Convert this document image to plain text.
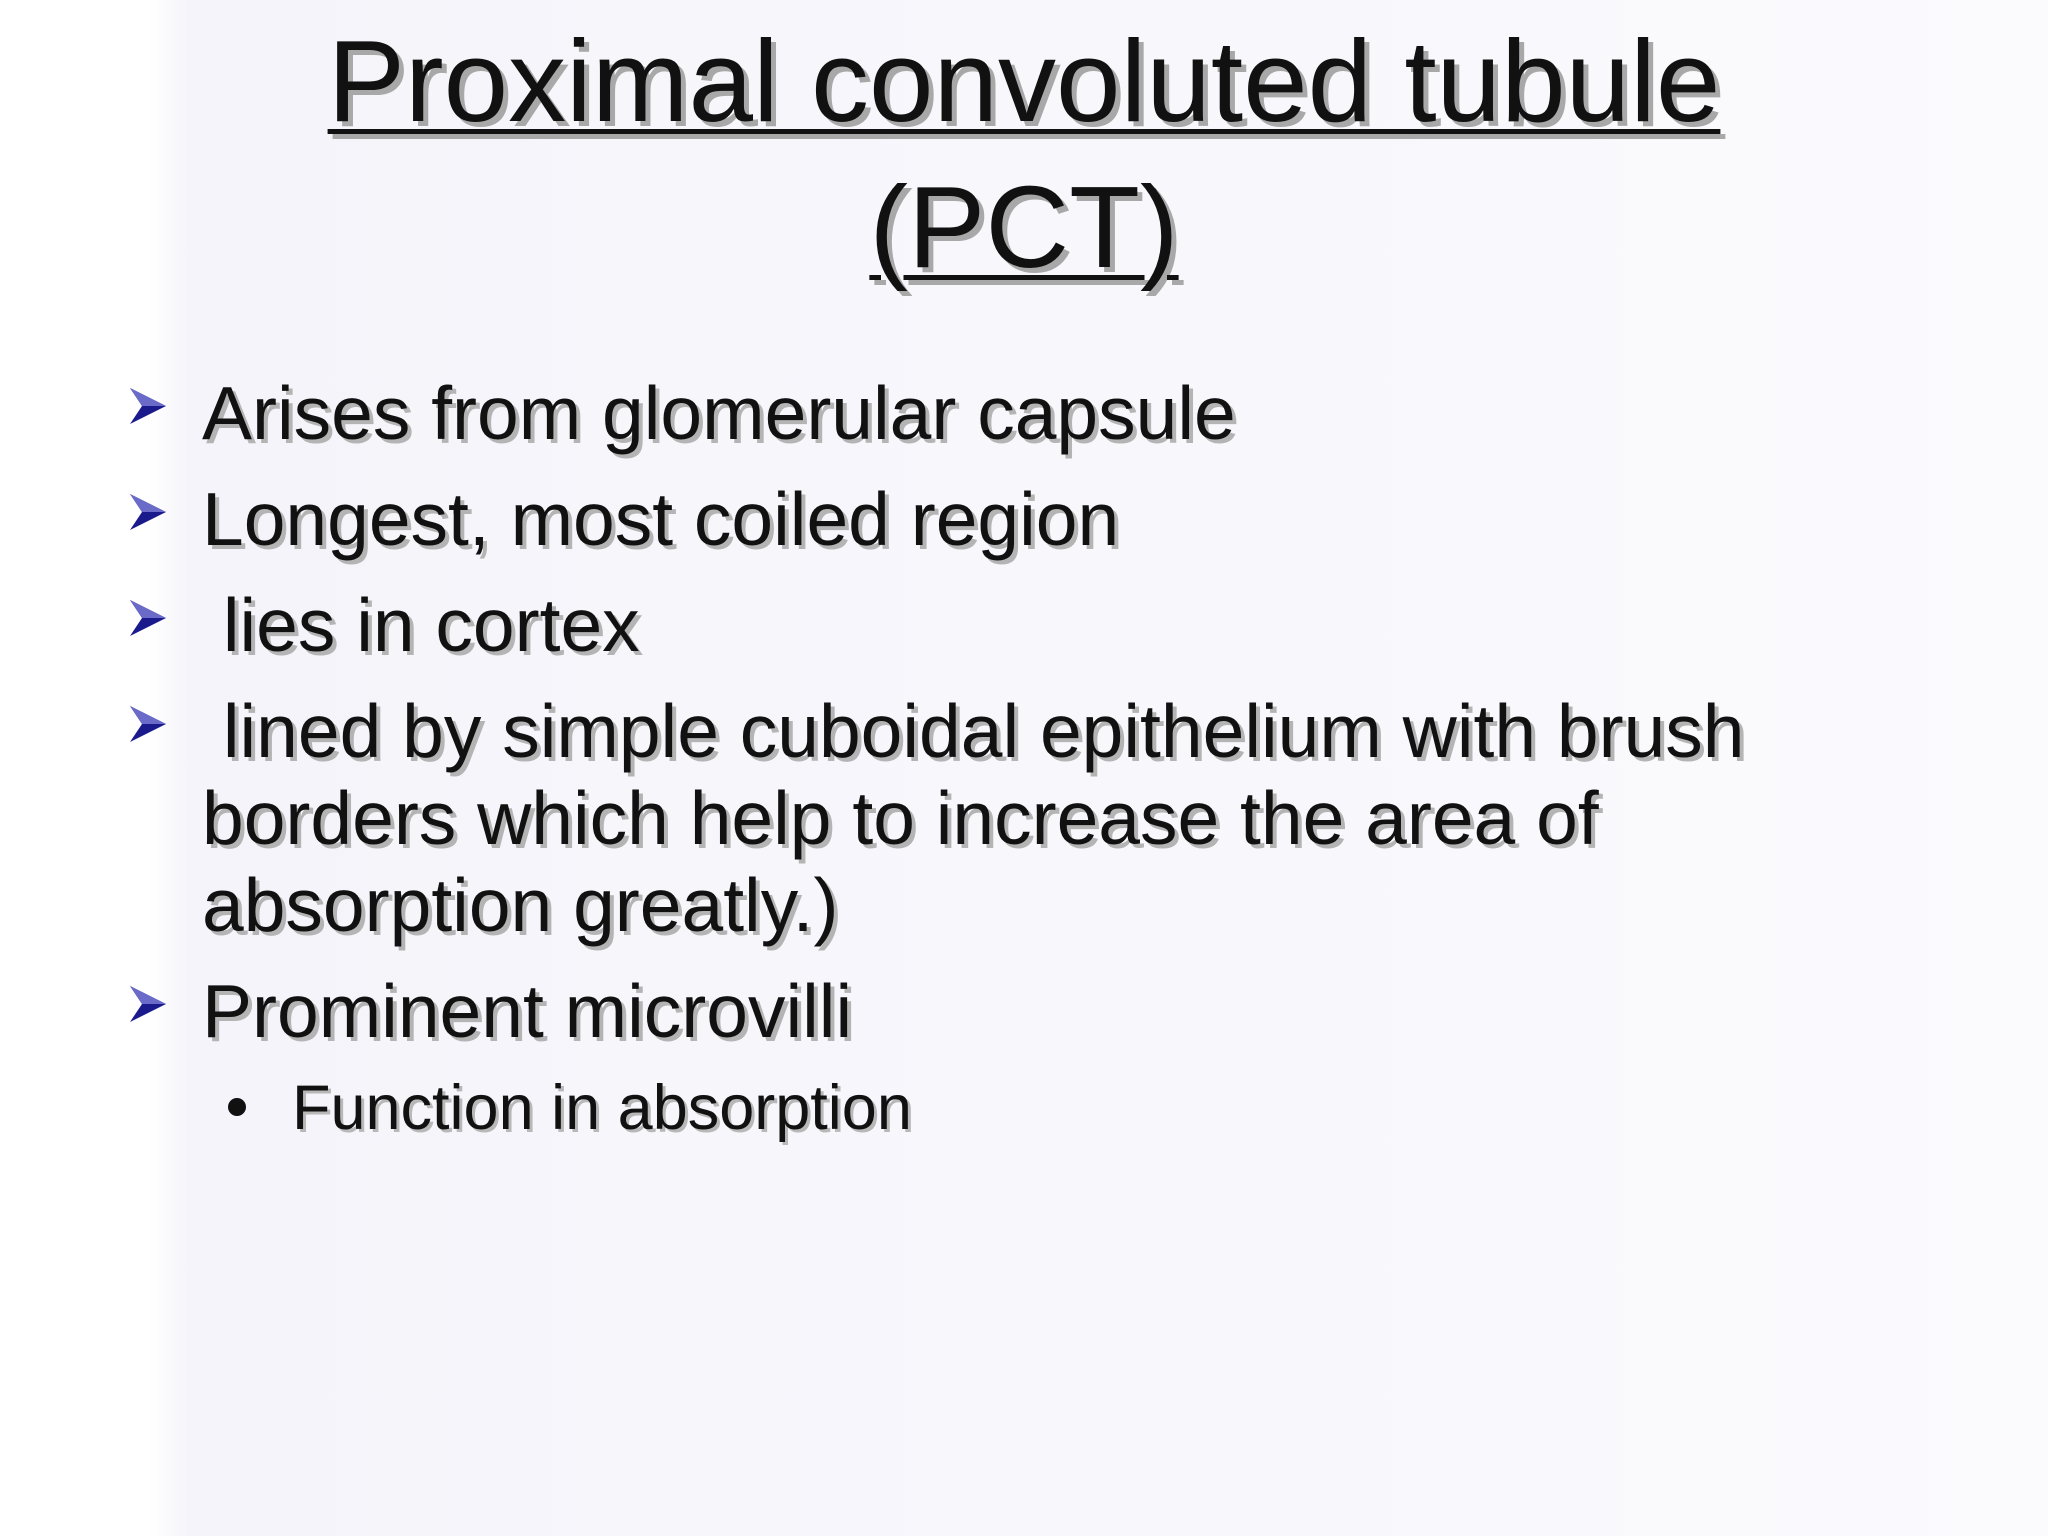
Proximal convoluted tubule
(PCT)
Arises from glomerular capsule
Longest, most coiled region
lies in cortex
lined by simple cuboidal epithelium with brush borders which help to increase the area of absorption greatly.)
Prominent microvilli
Function in absorption
